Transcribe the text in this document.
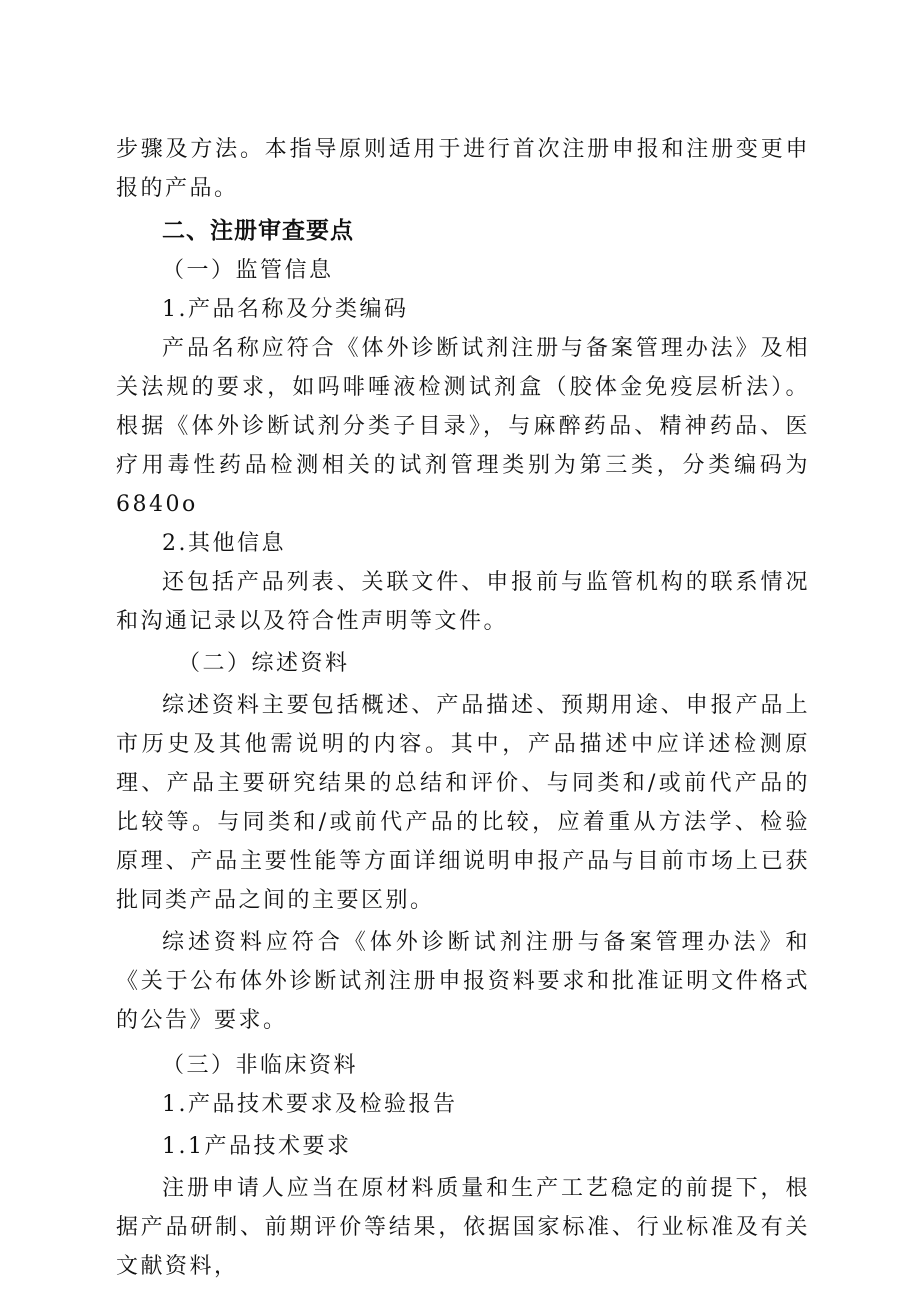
步骤及方法。本指导原则适用于进行首次注册申报和注册变更申报的产品。

二、注册审查要点

（一）监管信息

1.产品名称及分类编码

产品名称应符合《体外诊断试剂注册与备案管理办法》及相关法规的要求，如吗啡唾液检测试剂盒（胶体金免疫层析法）。根据《体外诊断试剂分类子目录》，与麻醉药品、精神药品、医疗用毒性药品检测相关的试剂管理类别为第三类，分类编码为6840o

2.其他信息

还包括产品列表、关联文件、申报前与监管机构的联系情况和沟通记录以及符合性声明等文件。

（二）综述资料

综述资料主要包括概述、产品描述、预期用途、申报产品上市历史及其他需说明的内容。其中，产品描述中应详述检测原理、产品主要研究结果的总结和评价、与同类和/或前代产品的比较等。与同类和/或前代产品的比较，应着重从方法学、检验原理、产品主要性能等方面详细说明申报产品与目前市场上已获批同类产品之间的主要区别。

综述资料应符合《体外诊断试剂注册与备案管理办法》和《关于公布体外诊断试剂注册申报资料要求和批准证明文件格式的公告》要求。

（三）非临床资料

1.产品技术要求及检验报告

1.1产品技术要求

注册申请人应当在原材料质量和生产工艺稳定的前提下，根据产品研制、前期评价等结果，依据国家标准、行业标准及有关文献资料，
